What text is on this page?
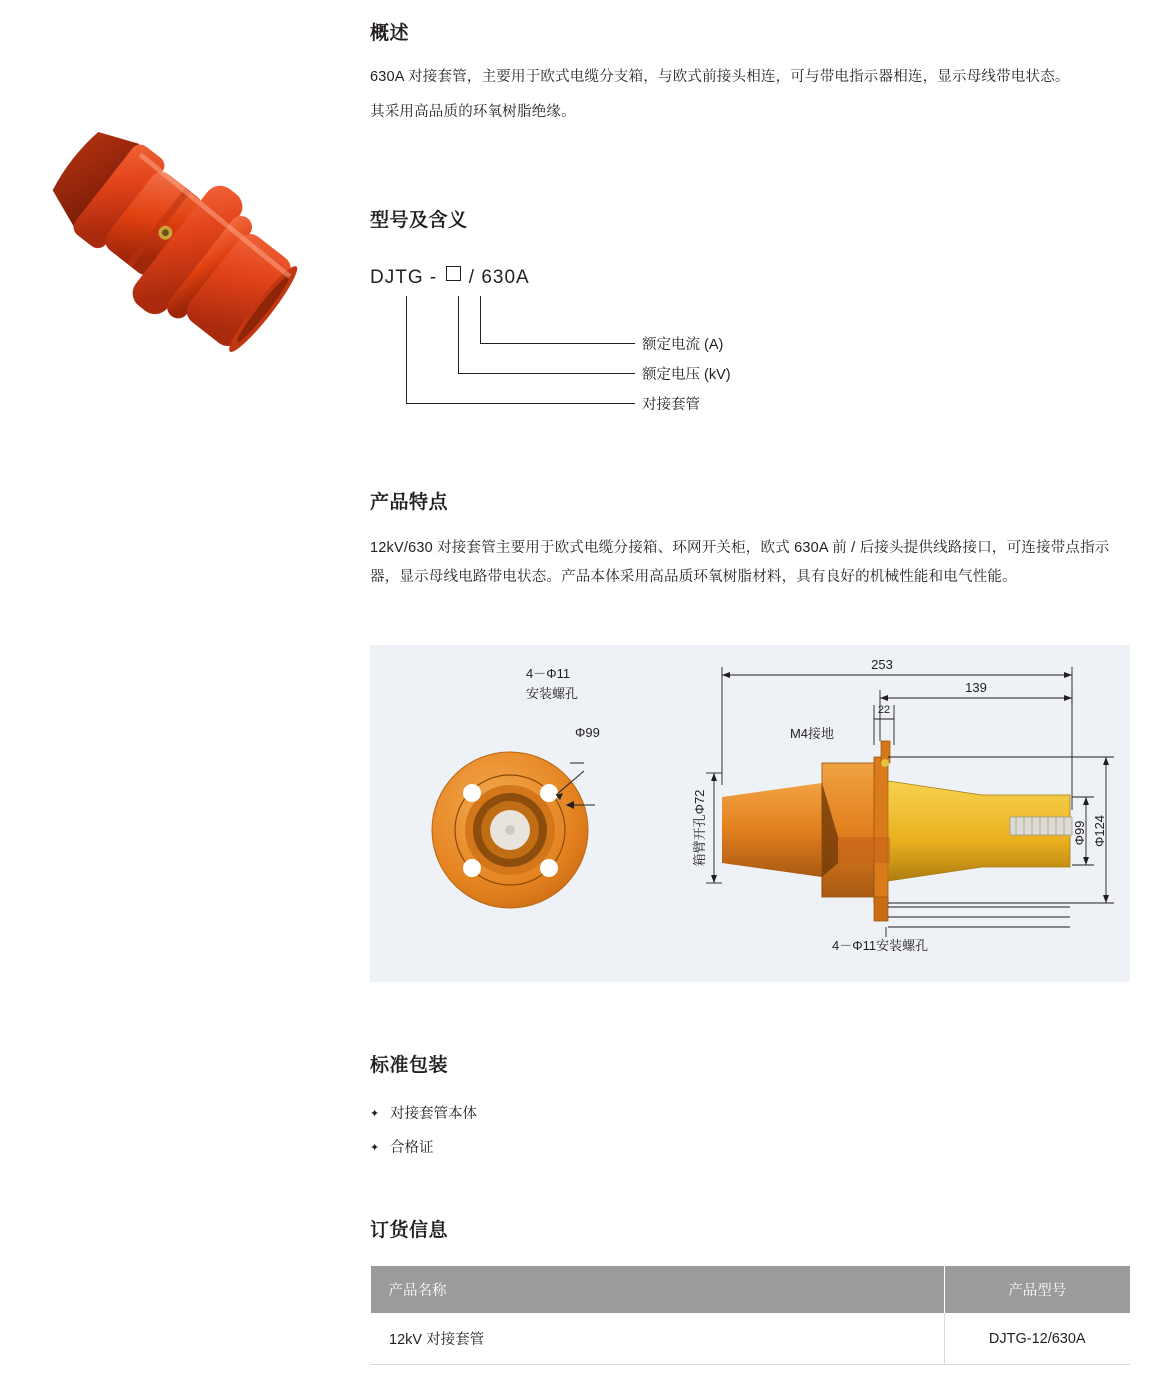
概述

630A 对接套管，主要用于欧式电缆分支箱，与欧式前接头相连，可与带电指示器相连，显示母线带电状态。

其采用高品质的环氧树脂绝缘。

型号及含义
DJTG -  / 630A
额定电流 (A)
额定电压 (kV)
对接套管
产品特点

12kV/630 对接套管主要用于欧式电缆分接箱、环网开关柜，欧式 630A 前 / 后接头提供线路接口，可连接带点指示器，显示母线电路带电状态。产品本体采用高品质环氧树脂材料，具有良好的机械性能和电气性能。

4－Φ11
安装螺孔
Φ99
253
139
22
M4接地
箱臂开孔Φ72	Φ99 Φ124
4－Φ11安装螺孔
标准包装
✦ 对接套管本体
✦ 合格证
订货信息
产品名称	产品型号
12kV 对接套管	DJTG-12/630A
